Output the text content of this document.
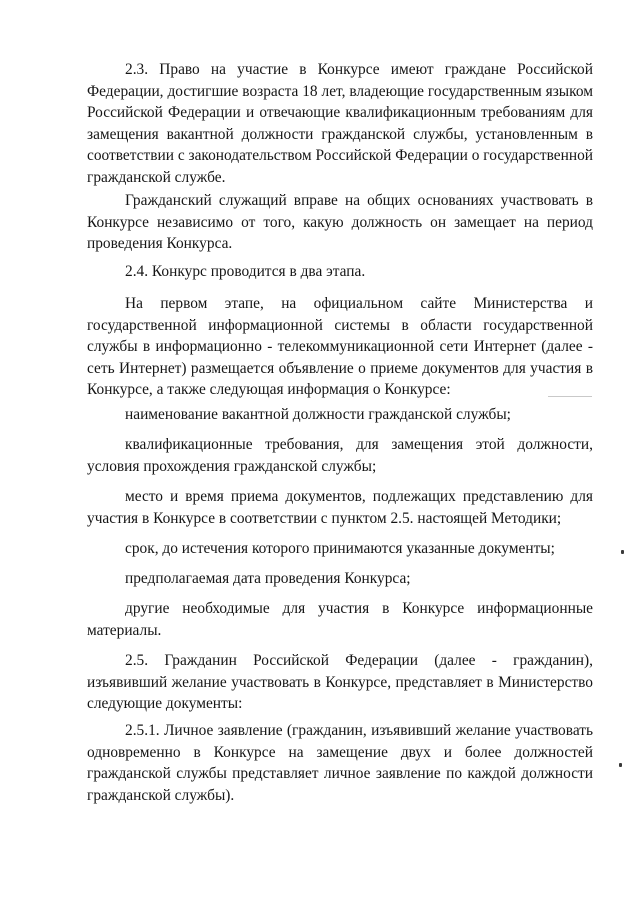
2.3. Право на участие в Конкурсе имеют граждане Российской Федерации, достигшие возраста 18 лет, владеющие государственным языком Российской Федерации и отвечающие квалификационным требованиям для замещения вакантной должности гражданской службы, установленным в соответствии с законодательством Российской Федерации о государственной гражданской службе.

Гражданский служащий вправе на общих основаниях участвовать в Конкурсе независимо от того, какую должность он замещает на период проведения Конкурса.

2.4. Конкурс проводится в два этапа.

На первом этапе, на официальном сайте Министерства и государственной информационной системы в области государственной службы в информационно - телекоммуникационной сети Интернет (далее - сеть Интернет) размещается объявление о приеме документов для участия в Конкурсе, а также следующая информация о Конкурсе:

наименование вакантной должности гражданской службы;

квалификационные требования, для замещения этой должности, условия прохождения гражданской службы;

место и время приема документов, подлежащих представлению для участия в Конкурсе в соответствии с пунктом 2.5. настоящей Методики;

срок, до истечения которого принимаются указанные документы;

предполагаемая дата проведения Конкурса;

другие необходимые для участия в Конкурсе информационные материалы.

2.5. Гражданин Российской Федерации (далее - гражданин), изъявивший желание участвовать в Конкурсе, представляет в Министерство следующие документы:

2.5.1. Личное заявление (гражданин, изъявивший желание участвовать одновременно в Конкурсе на замещение двух и более должностей гражданской службы представляет личное заявление по каждой должности гражданской службы).
